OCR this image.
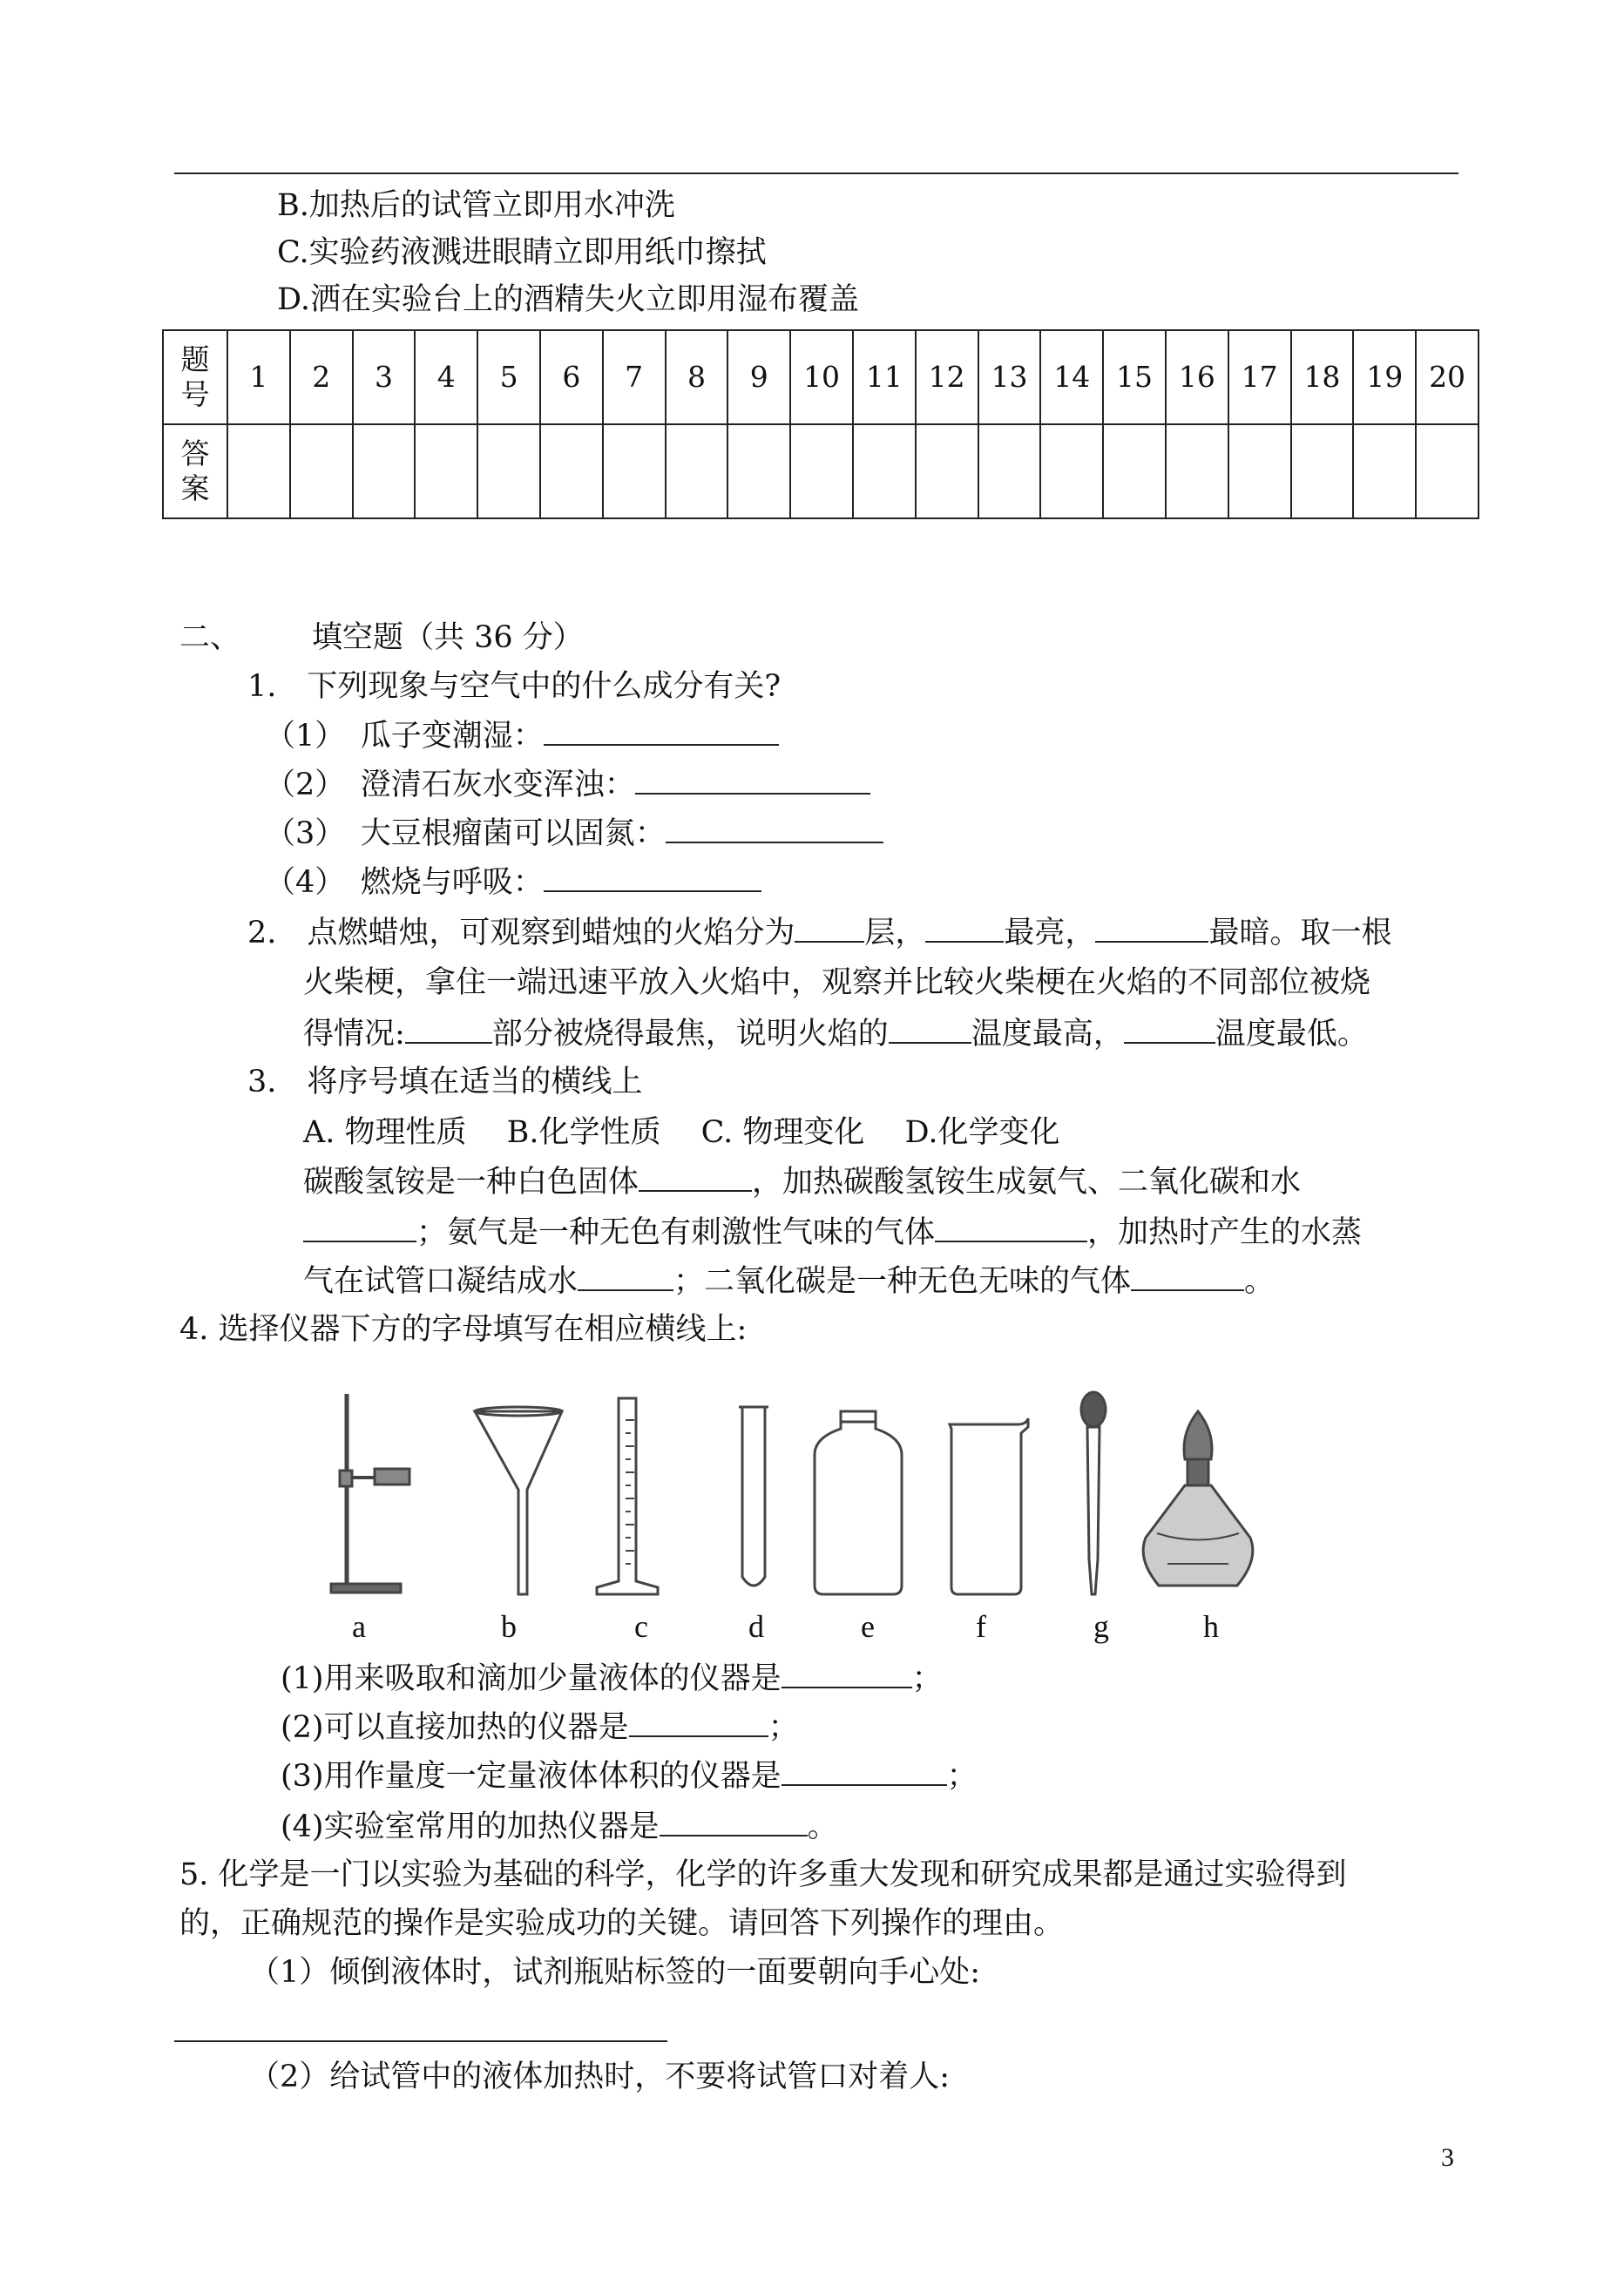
B.加热后的试管立即用水冲洗
C.实验药液溅进眼睛立即用纸巾擦拭
D.洒在实验台上的酒精失火立即用湿布覆盖
题号	1	2	3	4	5	6	7	8	9	10	11	12	13	14	15	16	17	18	19	20
答案																				
二、 填空题（共 36 分）
1.　下列现象与空气中的什么成分有关?
（1）　瓜子变潮湿：
（2）　澄清石灰水变浑浊：
（3）　大豆根瘤菌可以固氮：
（4）　燃烧与呼吸：
2.　点燃蜡烛，可观察到蜡烛的火焰分为 层，	最亮，	最暗。取一根
火柴梗，拿住一端迅速平放入火焰中，观察并比较火柴梗在火焰的不同部位被烧
得情况:	部分被烧得最焦，说明火焰的	温度最高，	温度最低。
3.　将序号填在适当的横线上
A. 物理性质　 B.化学性质　 C. 物理变化　 D.化学变化
碳酸氢铵是一种白色固体	，加热碳酸氢铵生成氨气、二氧化碳和水
；氨气是一种无色有刺激性气味的气体	，加热时产生的水蒸
气在试管口凝结成水	；二氧化碳是一种无色无味的气体	。
4. 选择仪器下方的字母填写在相应横线上:
a	b	c	d	e	f	g	h
(1)用来吸取和滴加少量液体的仪器是	；
(2)可以直接加热的仪器是	；
(3)用作量度一定量液体体积的仪器是	；
(4)实验室常用的加热仪器是	。
5. 化学是一门以实验为基础的科学，化学的许多重大发现和研究成果都是通过实验得到
的，正确规范的操作是实验成功的关键。请回答下列操作的理由。
（1）倾倒液体时，试剂瓶贴标签的一面要朝向手心处:
（2）给试管中的液体加热时，不要将试管口对着人:
3
